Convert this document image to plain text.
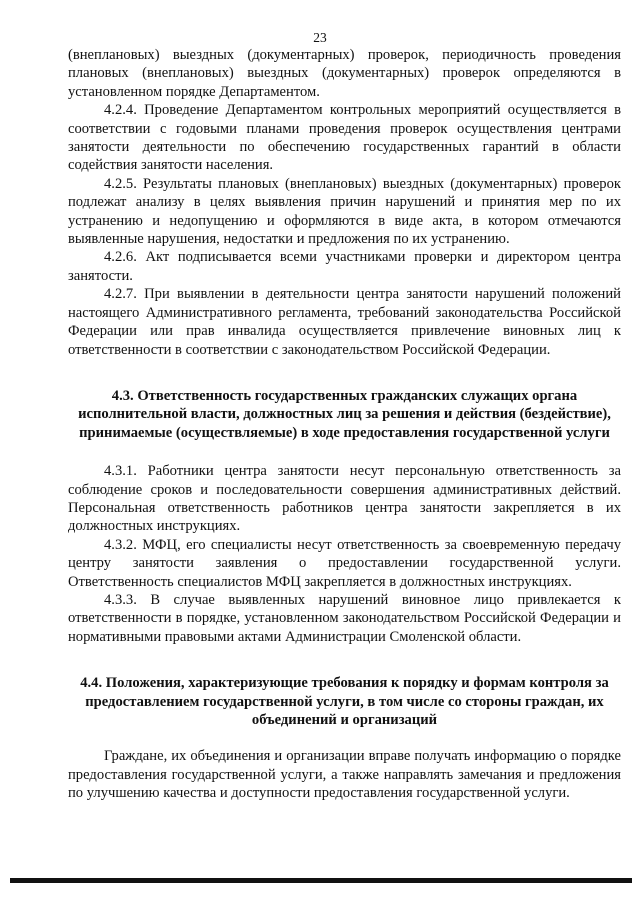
23

(внеплановых) выездных (документарных) проверок, периодичность проведения плановых (внеплановых) выездных (документарных) проверок определяются в установленном порядке Департаментом.

4.2.4. Проведение Департаментом контрольных мероприятий осуществляется в соответствии с годовыми планами проведения проверок осуществления центрами занятости деятельности по обеспечению государственных гарантий в области содействия занятости населения.

4.2.5. Результаты плановых (внеплановых) выездных (документарных) проверок подлежат анализу в целях выявления причин нарушений и принятия мер по их устранению и недопущению и оформляются в виде акта, в котором отмечаются выявленные нарушения, недостатки и предложения по их устранению.

4.2.6. Акт подписывается всеми участниками проверки и директором центра занятости.

4.2.7. При выявлении в деятельности центра занятости нарушений положений настоящего Административного регламента, требований законодательства Российской Федерации или прав инвалида осуществляется привлечение виновных лиц к ответственности в соответствии с законодательством Российской Федерации.

4.3. Ответственность государственных гражданских служащих органа исполнительной власти, должностных лиц за решения и действия (бездействие), принимаемые (осуществляемые) в ходе предоставления государственной услуги

4.3.1. Работники центра занятости несут персональную ответственность за соблюдение сроков и последовательности совершения административных действий. Персональная ответственность работников центра занятости закрепляется в их должностных инструкциях.

4.3.2. МФЦ, его специалисты несут ответственность за своевременную передачу центру занятости заявления о предоставлении государственной услуги. Ответственность специалистов МФЦ закрепляется в должностных инструкциях.

4.3.3. В случае выявленных нарушений виновное лицо привлекается к ответственности в порядке, установленном законодательством Российской Федерации и нормативными правовыми актами Администрации Смоленской области.

4.4. Положения, характеризующие требования к порядку и формам контроля за предоставлением государственной услуги, в том числе со стороны граждан, их объединений и организаций

Граждане, их объединения и организации вправе получать информацию о порядке предоставления государственной услуги, а также направлять замечания и предложения по улучшению качества и доступности предоставления государственной услуги.
